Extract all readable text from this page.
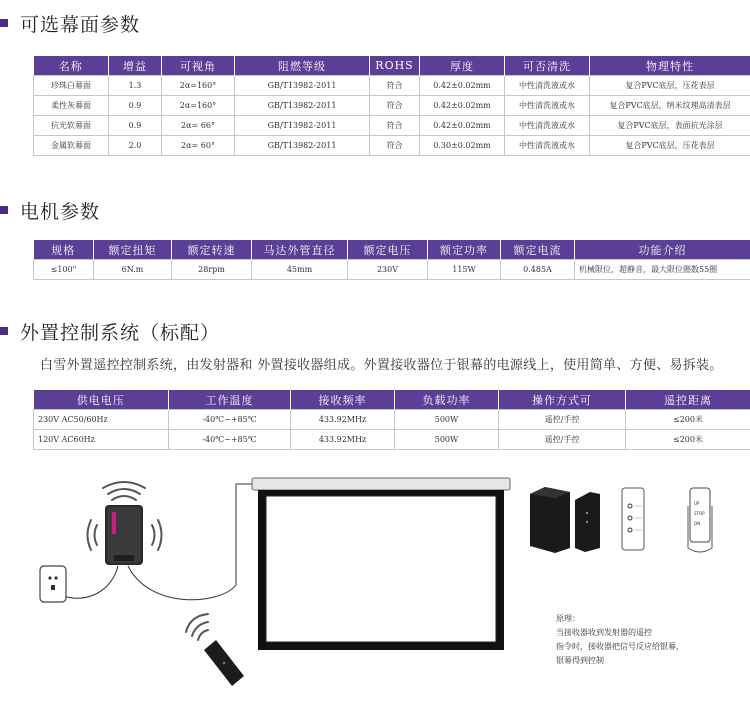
可选幕面参数
名称	增益	可视角	阻燃等级	ROHS	厚度	可否清洗	物理特性
珍珠白幕面	1.3	2α=160°	GB/T13982-2011	符合	0.42±0.02mm	中性清洗液或水	复合PVC底层，压花表层
柔性灰幕面	0.9	2α=160°	GB/T13982-2011	符合	0.42±0.02mm	中性清洗液或水	复合PVC底层，纳米纹理高清表层
抗光软幕面	0.9	2α= 66°	GB/T13982-2011	符合	0.42±0.02mm	中性清洗液或水	复合PVC底层，表面抗光涂层
金属软幕面	2.0	2α= 60°	GB/T13982-2011	符合	0.30±0.02mm	中性清洗液或水	复合PVC底层，压花表层
电机参数
规格	额定扭矩	额定转速	马达外管直径	额定电压	额定功率	额定电流	功能介绍
≤100"	6N.m	28rpm	45mm	230V	115W	0.485A	机械限位，超静音，最大限位圈数55圈
外置控制系统（标配）
白雪外置遥控控制系统，由发射器和 外置接收器组成。外置接收器位于银幕的电源线上，使用简单、方便、易拆装。
供电电压	工作温度	接收频率	负载功率	操作方式可	遥控距离
230V AC50/60Hz	-40℃~+85℃	433.92MHz	500W	遥控/手控	≤200米
120V AC60Hz	-40℃~+85℃	433.92MHz	500W	遥控/手控	≤200米
UP
STOP
DN
原理：
当接收器收到发射器的遥控
指令时，接收器把信号反应给银幕，
银幕得到控制
